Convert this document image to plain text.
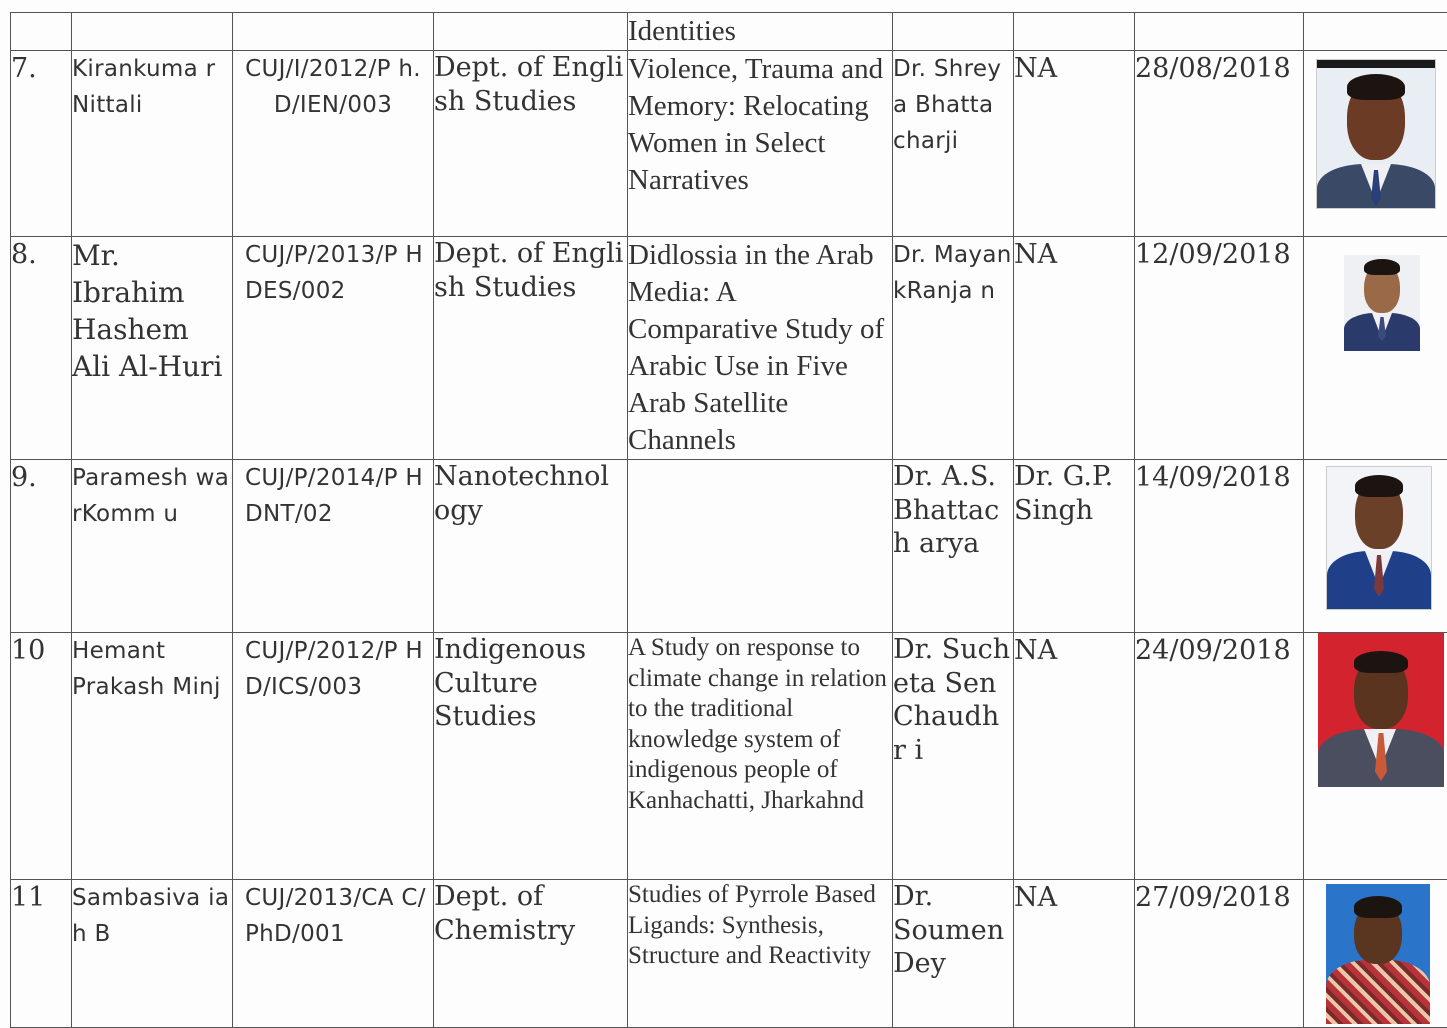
				Identities				
7.	Kirankuma rNittali	CUJ/I/2012/P h.D/IEN/003	Dept. of English Studies	Violence, Trauma and Memory: Relocating Women in Select Narratives	Dr. Shreya Bhatta charji	NA	28/08/2018	

8.	Mr. Ibrahim Hashem Ali Al-Huri	CUJ/P/2013/P HDES/002	Dept. of English Studies	Didlossia in the Arab Media: A Comparative Study of Arabic Use in Five Arab Satellite Channels	Dr. Mayan kRanja n	NA	12/09/2018	

9.	Paramesh warKomm u	CUJ/P/2014/P HDNT/02	Nanotechnol ogy		Dr. A.S. Bhattach arya	Dr. G.P. Singh	14/09/2018	

10	Hemant Prakash Minj	CUJ/P/2012/P HD/ICS/003	Indigenous Culture Studies	A Study on response to climate change in relation to the traditional knowledge system of indigenous people of Kanhachatti, Jharkahnd	Dr. Sucheta Sen Chaudhr i	NA	24/09/2018	

11	Sambasiva iah B	CUJ/2013/CA C/PhD/001	Dept. of Chemistry	Studies of Pyrrole Based Ligands: Synthesis, Structure and Reactivity	Dr. Soumen Dey	NA	27/09/2018	
